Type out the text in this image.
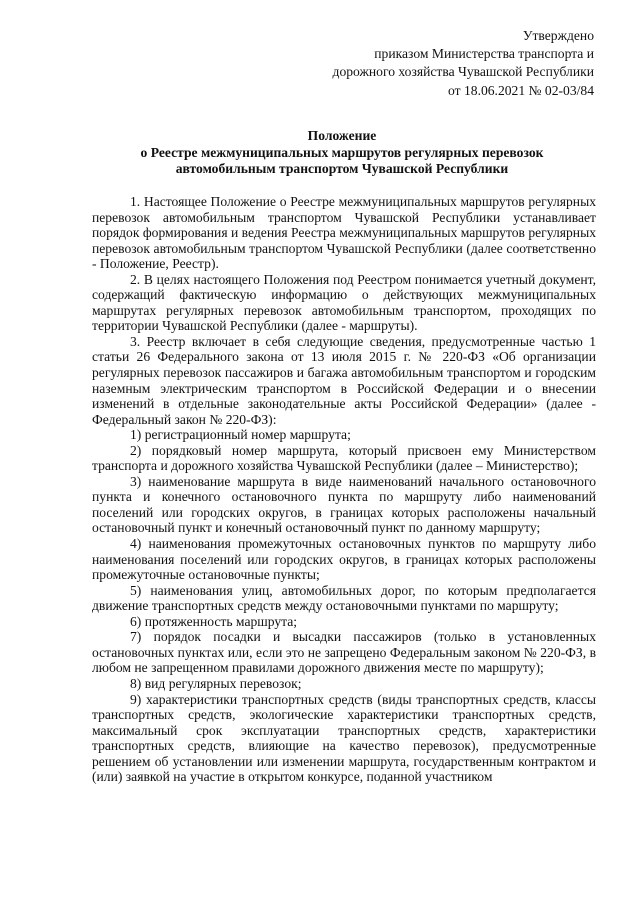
Утверждено
приказом Министерства транспорта и
дорожного хозяйства Чувашской Республики
от 18.06.2021 № 02-03/84
Положение
о Реестре межмуниципальных маршрутов регулярных перевозок
автомобильным транспортом Чувашской Республики

1. Настоящее Положение о Реестре межмуниципальных маршрутов регулярных перевозок автомобильным транспортом Чувашской Республики устанавливает порядок формирования и ведения Реестра межмуниципальных маршрутов регулярных перевозок автомобильным транспортом Чувашской Республики (далее соответственно - Положение, Реестр).

2. В целях настоящего Положения под Реестром понимается учетный документ, содержащий фактическую информацию о действующих межмуниципальных маршрутах регулярных перевозок автомобильным транспортом, проходящих по территории Чувашской Республики (далее - маршруты).

3. Реестр включает в себя следующие сведения, предусмотренные частью 1 статьи 26 Федерального закона от 13 июля 2015 г. № 220-ФЗ «Об организации регулярных перевозок пассажиров и багажа автомобильным транспортом и городским наземным электрическим транспортом в Российской Федерации и о внесении изменений в отдельные законодательные акты Российской Федерации» (далее - Федеральный закон № 220-ФЗ):

1) регистрационный номер маршрута;

2) порядковый номер маршрута, который присвоен ему Министерством транспорта и дорожного хозяйства Чувашской Республики (далее – Министерство);

3) наименование маршрута в виде наименований начального остановочного пункта и конечного остановочного пункта по маршруту либо наименований поселений или городских округов, в границах которых расположены начальный остановочный пункт и конечный остановочный пункт по данному маршруту;

4) наименования промежуточных остановочных пунктов по маршруту либо наименования поселений или городских округов, в границах которых расположены промежуточные остановочные пункты;

5) наименования улиц, автомобильных дорог, по которым предполагается движение транспортных средств между остановочными пунктами по маршруту;

6) протяженность маршрута;

7) порядок посадки и высадки пассажиров (только в установленных остановочных пунктах или, если это не запрещено Федеральным законом № 220-ФЗ, в любом не запрещенном правилами дорожного движения месте по маршруту);

8) вид регулярных перевозок;

9) характеристики транспортных средств (виды транспортных средств, классы транспортных средств, экологические характеристики транспортных средств, максимальный срок эксплуатации транспортных средств, характеристики транспортных средств, влияющие на качество перевозок), предусмотренные решением об установлении или изменении маршрута, государственным контрактом и (или) заявкой на участие в открытом конкурсе, поданной участником
